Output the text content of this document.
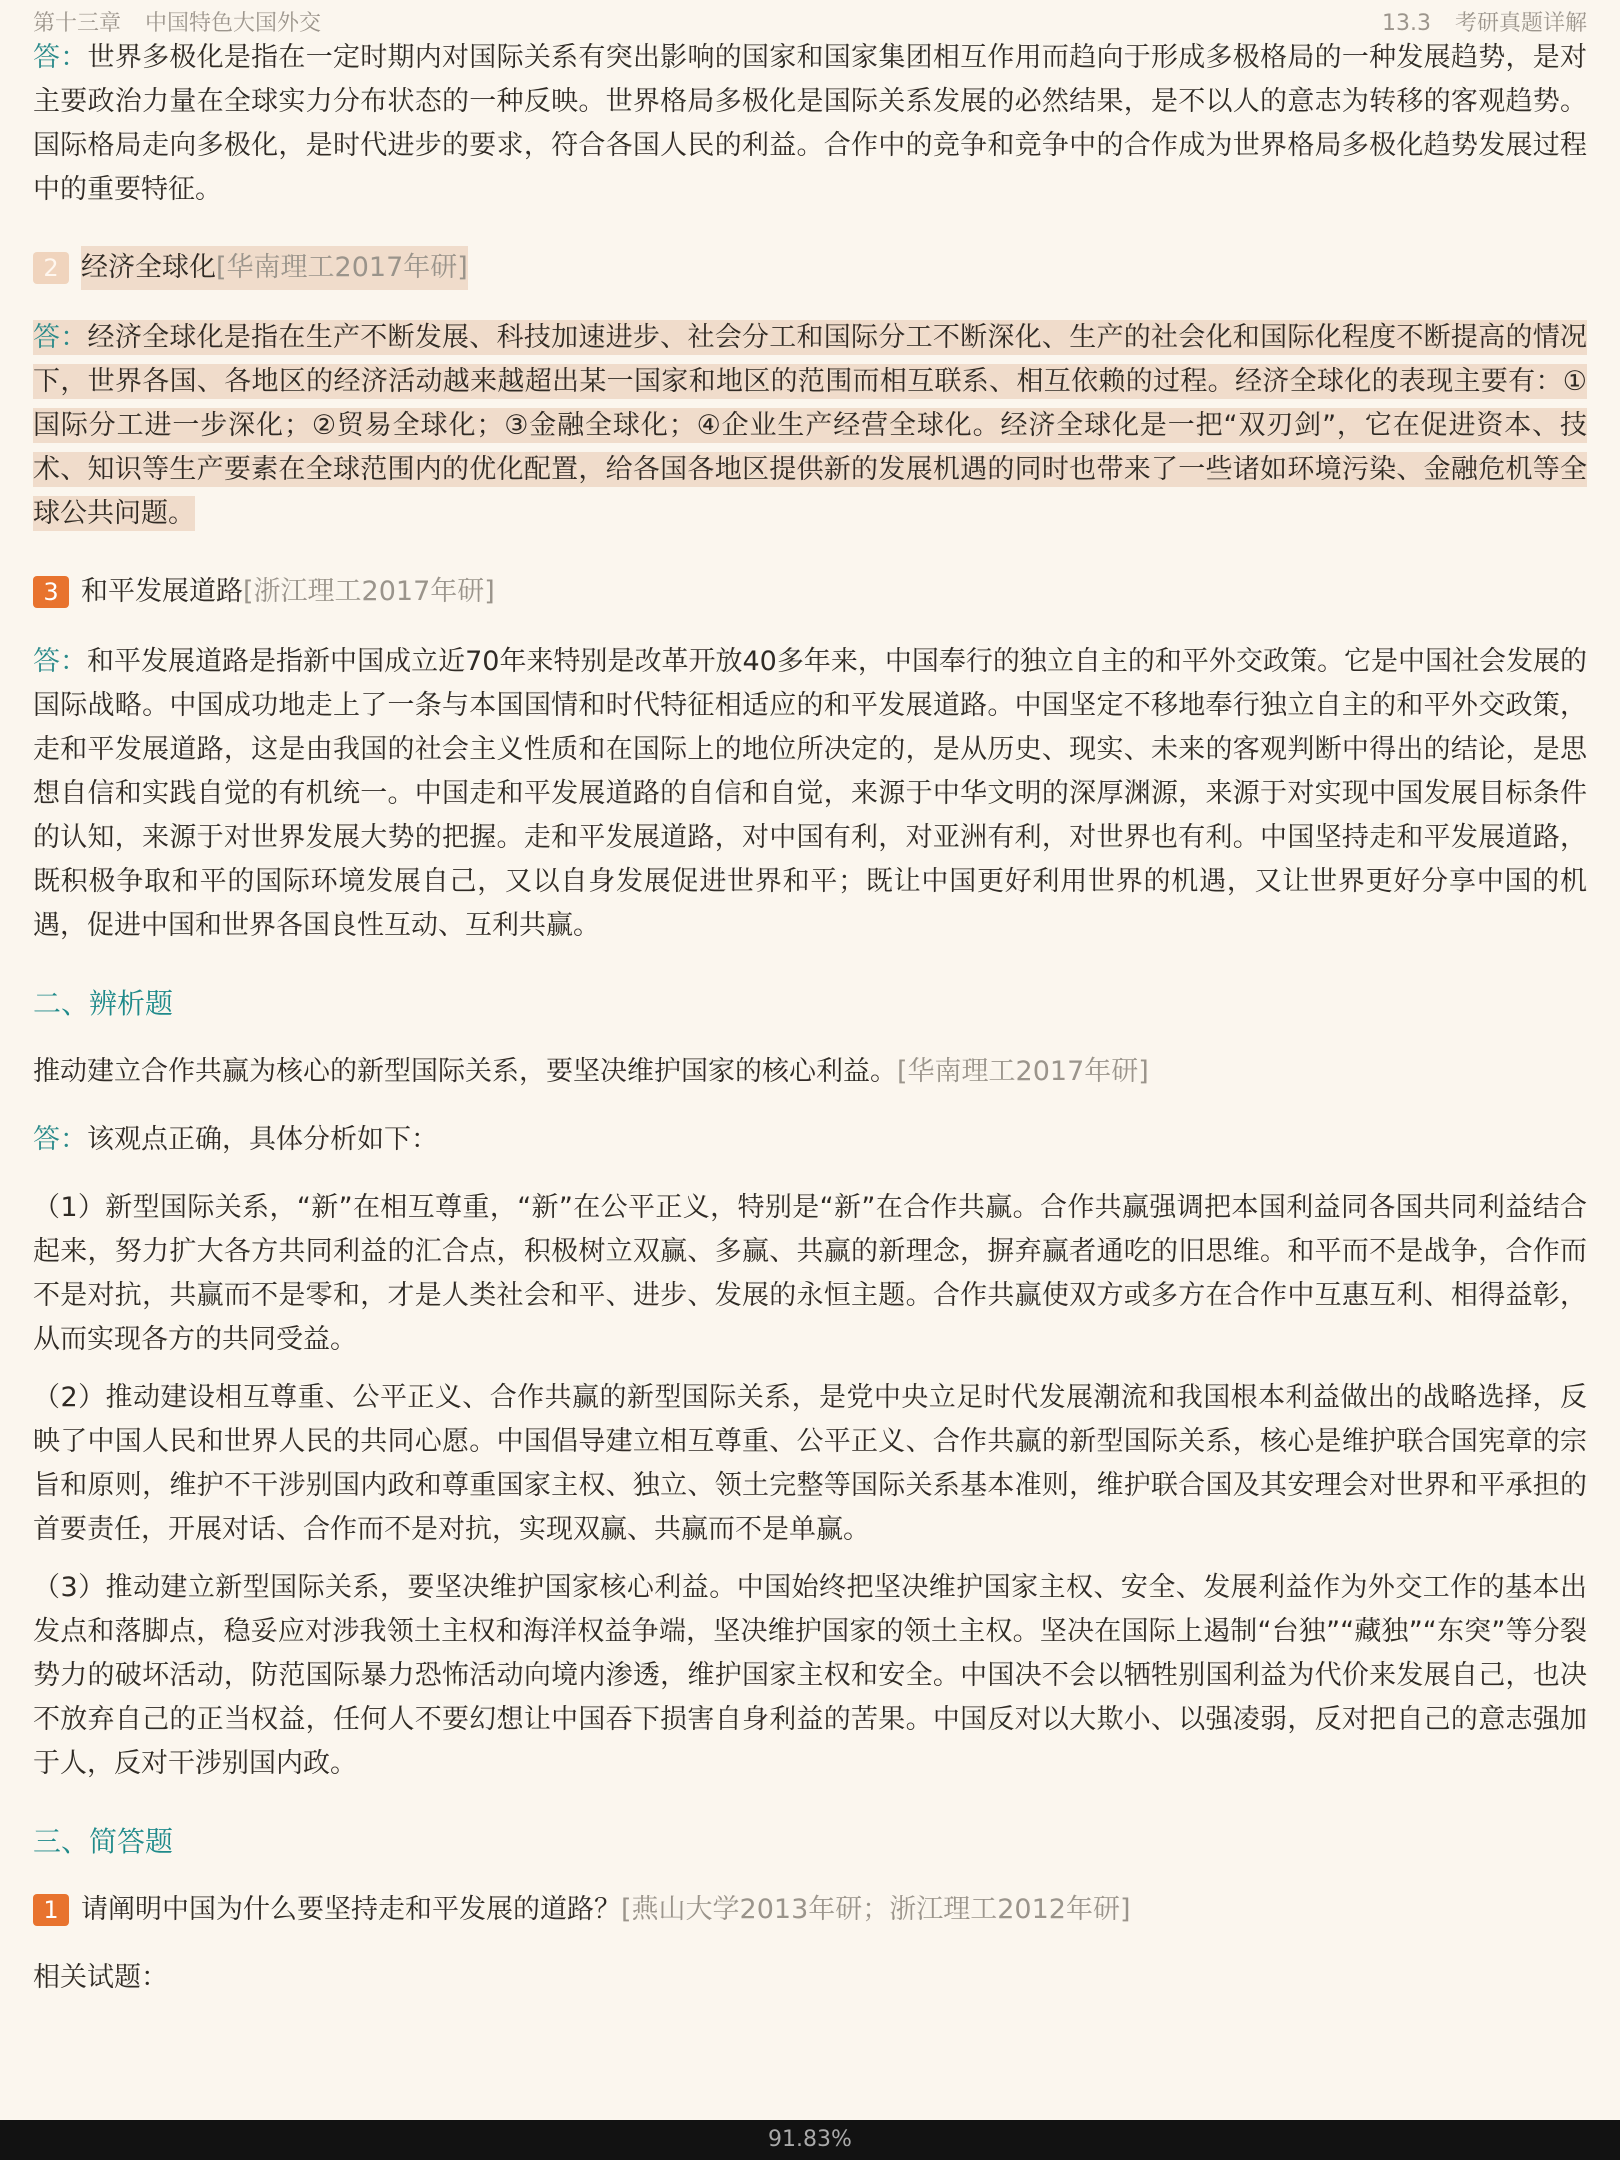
第十三章 中国特色大国外交	13.3 考研真题详解

答：世界多极化是指在一定时期内对国际关系有突出影响的国家和国家集团相互作用而趋向于形成多极格局的一种发展趋势，是对主要政治力量在全球实力分布状态的一种反映。世界格局多极化是国际关系发展的必然结果，是不以人的意志为转移的客观趋势。国际格局走向多极化，是时代进步的要求，符合各国人民的利益。合作中的竞争和竞争中的合作成为世界格局多极化趋势发展过程中的重要特征。

2 经济全球化 [华南理工2017年研]

答：经济全球化是指在生产不断发展、科技加速进步、社会分工和国际分工不断深化、生产的社会化和国际化程度不断提高的情况下，世界各国、各地区的经济活动越来越超出某一国家和地区的范围而相互联系、相互依赖的过程。经济全球化的表现主要有：①国际分工进一步深化；②贸易全球化；③金融全球化；④企业生产经营全球化。经济全球化是一把“双刃剑”，它在促进资本、技术、知识等生产要素在全球范围内的优化配置，给各国各地区提供新的发展机遇的同时也带来了一些诸如环境污染、金融危机等全球公共问题。

3 和平发展道路 [浙江理工2017年研]

答：和平发展道路是指新中国成立近70年来特别是改革开放40多年来，中国奉行的独立自主的和平外交政策。它是中国社会发展的国际战略。中国成功地走上了一条与本国国情和时代特征相适应的和平发展道路。中国坚定不移地奉行独立自主的和平外交政策，走和平发展道路，这是由我国的社会主义性质和在国际上的地位所决定的，是从历史、现实、未来的客观判断中得出的结论，是思想自信和实践自觉的有机统一。中国走和平发展道路的自信和自觉，来源于中华文明的深厚渊源，来源于对实现中国发展目标条件的认知，来源于对世界发展大势的把握。走和平发展道路，对中国有利，对亚洲有利，对世界也有利。中国坚持走和平发展道路，既积极争取和平的国际环境发展自己，又以自身发展促进世界和平；既让中国更好利用世界的机遇，又让世界更好分享中国的机遇，促进中国和世界各国良性互动、互利共赢。

二、辨析题

推动建立合作共赢为核心的新型国际关系，要坚决维护国家的核心利益。[华南理工2017年研]

答：该观点正确，具体分析如下：

（1）新型国际关系，“新”在相互尊重，“新”在公平正义，特别是“新”在合作共赢。合作共赢强调把本国利益同各国共同利益结合起来，努力扩大各方共同利益的汇合点，积极树立双赢、多赢、共赢的新理念，摒弃赢者通吃的旧思维。和平而不是战争，合作而不是对抗，共赢而不是零和，才是人类社会和平、进步、发展的永恒主题。合作共赢使双方或多方在合作中互惠互利、相得益彰，从而实现各方的共同受益。

（2）推动建设相互尊重、公平正义、合作共赢的新型国际关系，是党中央立足时代发展潮流和我国根本利益做出的战略选择，反映了中国人民和世界人民的共同心愿。中国倡导建立相互尊重、公平正义、合作共赢的新型国际关系，核心是维护联合国宪章的宗旨和原则，维护不干涉别国内政和尊重国家主权、独立、领土完整等国际关系基本准则，维护联合国及其安理会对世界和平承担的首要责任，开展对话、合作而不是对抗，实现双赢、共赢而不是单赢。

（3）推动建立新型国际关系，要坚决维护国家核心利益。中国始终把坚决维护国家主权、安全、发展利益作为外交工作的基本出发点和落脚点，稳妥应对涉我领土主权和海洋权益争端，坚决维护国家的领土主权。坚决在国际上遏制“台独”“藏独”“东突”等分裂势力的破坏活动，防范国际暴力恐怖活动向境内渗透，维护国家主权和安全。中国决不会以牺牲别国利益为代价来发展自己，也决不放弃自己的正当权益，任何人不要幻想让中国吞下损害自身利益的苦果。中国反对以大欺小、以强凌弱，反对把自己的意志强加于人，反对干涉别国内政。

三、简答题

1 请阐明中国为什么要坚持走和平发展的道路？ [燕山大学2013年研；浙江理工2012年研]

相关试题：

91.83%
